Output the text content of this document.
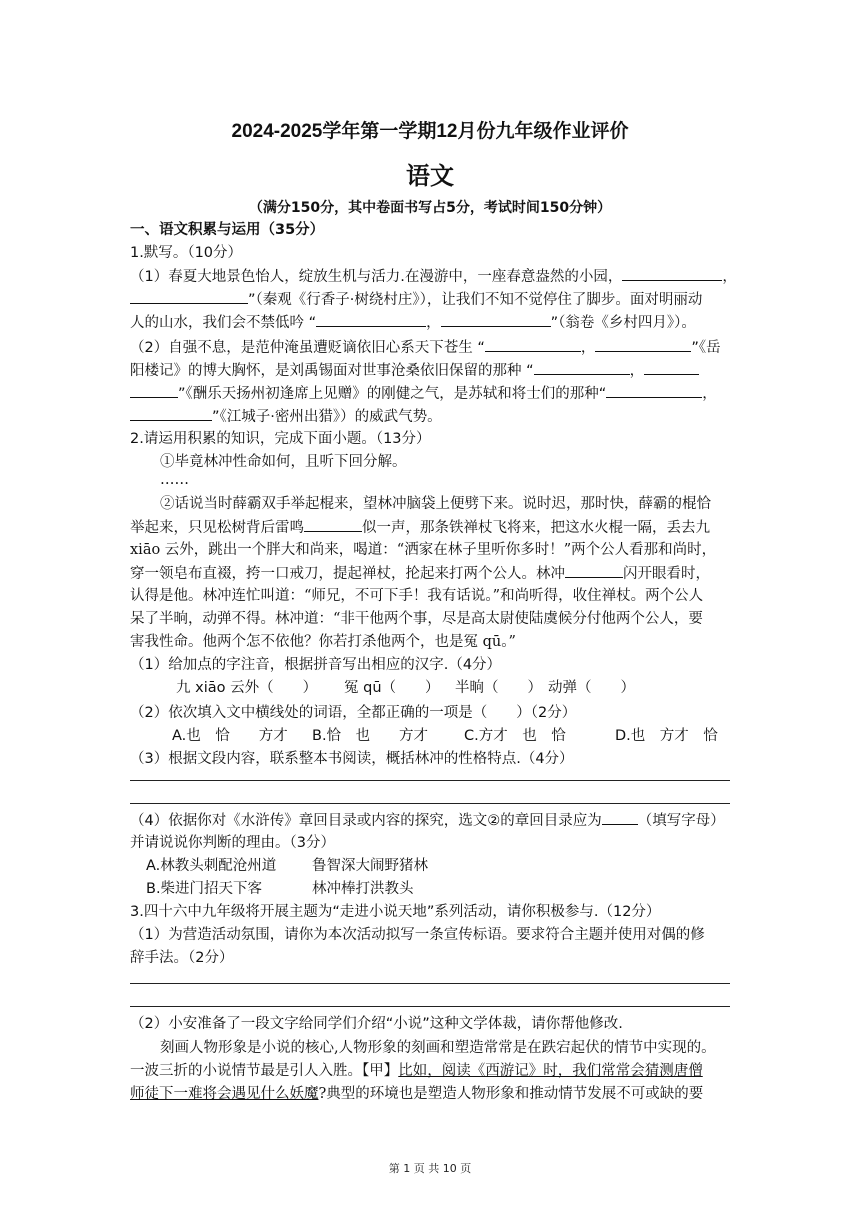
2024-2025学年第一学期12月份九年级作业评价
语文
（满分150分，其中卷面书写占5分，考试时间150分钟）
一、语文积累与运用（35分）
1.默写。（10分）
（1）春夏大地景色怡人，绽放生机与活力.在漫游中，一座春意盎然的小园，	，
”（秦观《行香子·树绕村庄》），让我们不知不觉停住了脚步。面对明丽动
人的山水，我们会不禁低吟 “	，	”（翁卷《乡村四月》）。
（2）自强不息，是范仲淹虽遭贬谪依旧心系天下苍生 “	，	”《岳
阳楼记》的博大胸怀，是刘禹锡面对世事沧桑依旧保留的那种 “	，
”《酬乐天扬州初逢席上见赠》的刚健之气，是苏轼和将士们的那种“	，
”《江城子·密州出猎》）的威武气势。
2.请运用积累的知识，完成下面小题。（13分）
①毕竟林冲性命如何，且听下回分解。
……
②话说当时薛霸双手举起棍来，望林冲脑袋上便劈下来。说时迟，那时快，薛霸的棍恰
举起来，只见松树背后雷鸣	似一声，那条铁禅杖飞将来，把这水火棍一隔，丢去九
xiāo 云外，跳出一个胖大和尚来，喝道：“洒家在林子里听你多时！”两个公人看那和尚时，
穿一领皂布直裰，挎一口戒刀，提起禅杖，抡起来打两个公人。林冲	闪开眼看时，
认得是他。林冲连忙叫道：“师兄，不可下手！我有话说。”和尚听得，收住禅杖。两个公人
呆了半晌，动弹不得。林冲道：“非干他两个事，尽是高太尉使陆虞候分付他两个公人，要
害我性命。他两个怎不依他？你若打杀他两个，也是冤 qū。”
（1）给加点的字注音，根据拼音写出相应的汉字.（4分）
九 xiāo 云外（　　） 冤 qū（　　） 半晌（　　） 动弹（　　）
（2）依次填入文中横线处的词语，全都正确的一项是（　　）（2分）
A.也　恰　　方才 B.恰　也　　方才 C.方才　也　恰	D.也　方才　恰
（3）根据文段内容，联系整本书阅读，概括林冲的性格特点.（4分）
（4）依据你对《水浒传》章回目录或内容的探究，选文②的章回目录应为 （填写字母）
并请说说你判断的理由。（3分）
A.林教头刺配沧州道 鲁智深大闹野猪林
B.柴进门招天下客	林冲棒打洪教头
3.四十六中九年级将开展主题为“走进小说天地”系列活动，请你积极参与.（12分）
（1）为营造活动氛围，请你为本次活动拟写一条宣传标语。要求符合主题并使用对偶的修
辞手法。（2分）
（2）小安准备了一段文字给同学们介绍“小说”这种文学体裁，请你帮他修改.
刻画人物形象是小说的核心,人物形象的刻画和塑造常常是在跌宕起伏的情节中实现的。
一波三折的小说情节最是引人入胜。【甲】比如，阅读《西游记》时，我们常常会猜测唐僧
师徒下一难将会遇见什么妖魔?典型的环境也是塑造人物形象和推动情节发展不可或缺的要
第 1 页 共 10 页
